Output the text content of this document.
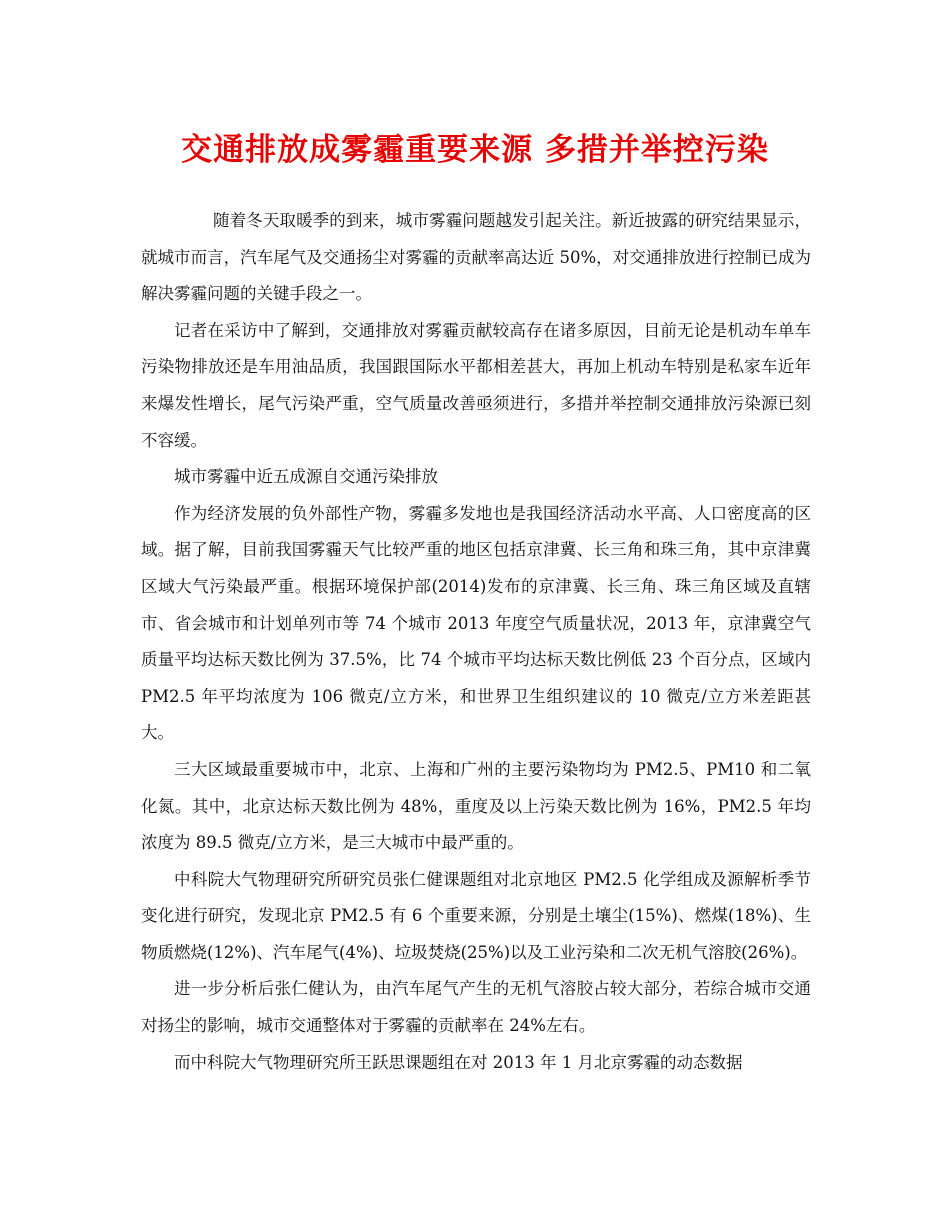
交通排放成雾霾重要来源 多措并举控污染

随着冬天取暖季的到来，城市雾霾问题越发引起关注。新近披露的研究结果显示，就城市而言，汽车尾气及交通扬尘对雾霾的贡献率高达近 50%，对交通排放进行控制已成为解决雾霾问题的关键手段之一。

记者在采访中了解到，交通排放对雾霾贡献较高存在诸多原因，目前无论是机动车单车污染物排放还是车用油品质，我国跟国际水平都相差甚大，再加上机动车特别是私家车近年来爆发性增长，尾气污染严重，空气质量改善亟须进行，多措并举控制交通排放污染源已刻不容缓。

城市雾霾中近五成源自交通污染排放

作为经济发展的负外部性产物，雾霾多发地也是我国经济活动水平高、人口密度高的区域。据了解，目前我国雾霾天气比较严重的地区包括京津冀、长三角和珠三角，其中京津冀区域大气污染最严重。根据环境保护部(2014)发布的京津冀、长三角、珠三角区域及直辖市、省会城市和计划单列市等 74 个城市 2013 年度空气质量状况，2013 年，京津冀空气质量平均达标天数比例为 37.5%，比 74 个城市平均达标天数比例低 23 个百分点，区域内 PM2.5 年平均浓度为 106 微克/立方米，和世界卫生组织建议的 10 微克/立方米差距甚大。

三大区域最重要城市中，北京、上海和广州的主要污染物均为 PM2.5、PM10 和二氧化氮。其中，北京达标天数比例为 48%，重度及以上污染天数比例为 16%，PM2.5 年均浓度为 89.5 微克/立方米，是三大城市中最严重的。

中科院大气物理研究所研究员张仁健课题组对北京地区 PM2.5 化学组成及源解析季节变化进行研究，发现北京 PM2.5 有 6 个重要来源，分别是土壤尘(15%)、燃煤(18%)、生物质燃烧(12%)、汽车尾气(4%)、垃圾焚烧(25%)以及工业污染和二次无机气溶胶(26%)。

进一步分析后张仁健认为，由汽车尾气产生的无机气溶胶占较大部分，若综合城市交通对扬尘的影响，城市交通整体对于雾霾的贡献率在 24%左右。

而中科院大气物理研究所王跃思课题组在对 2013 年 1 月北京雾霾的动态数据
